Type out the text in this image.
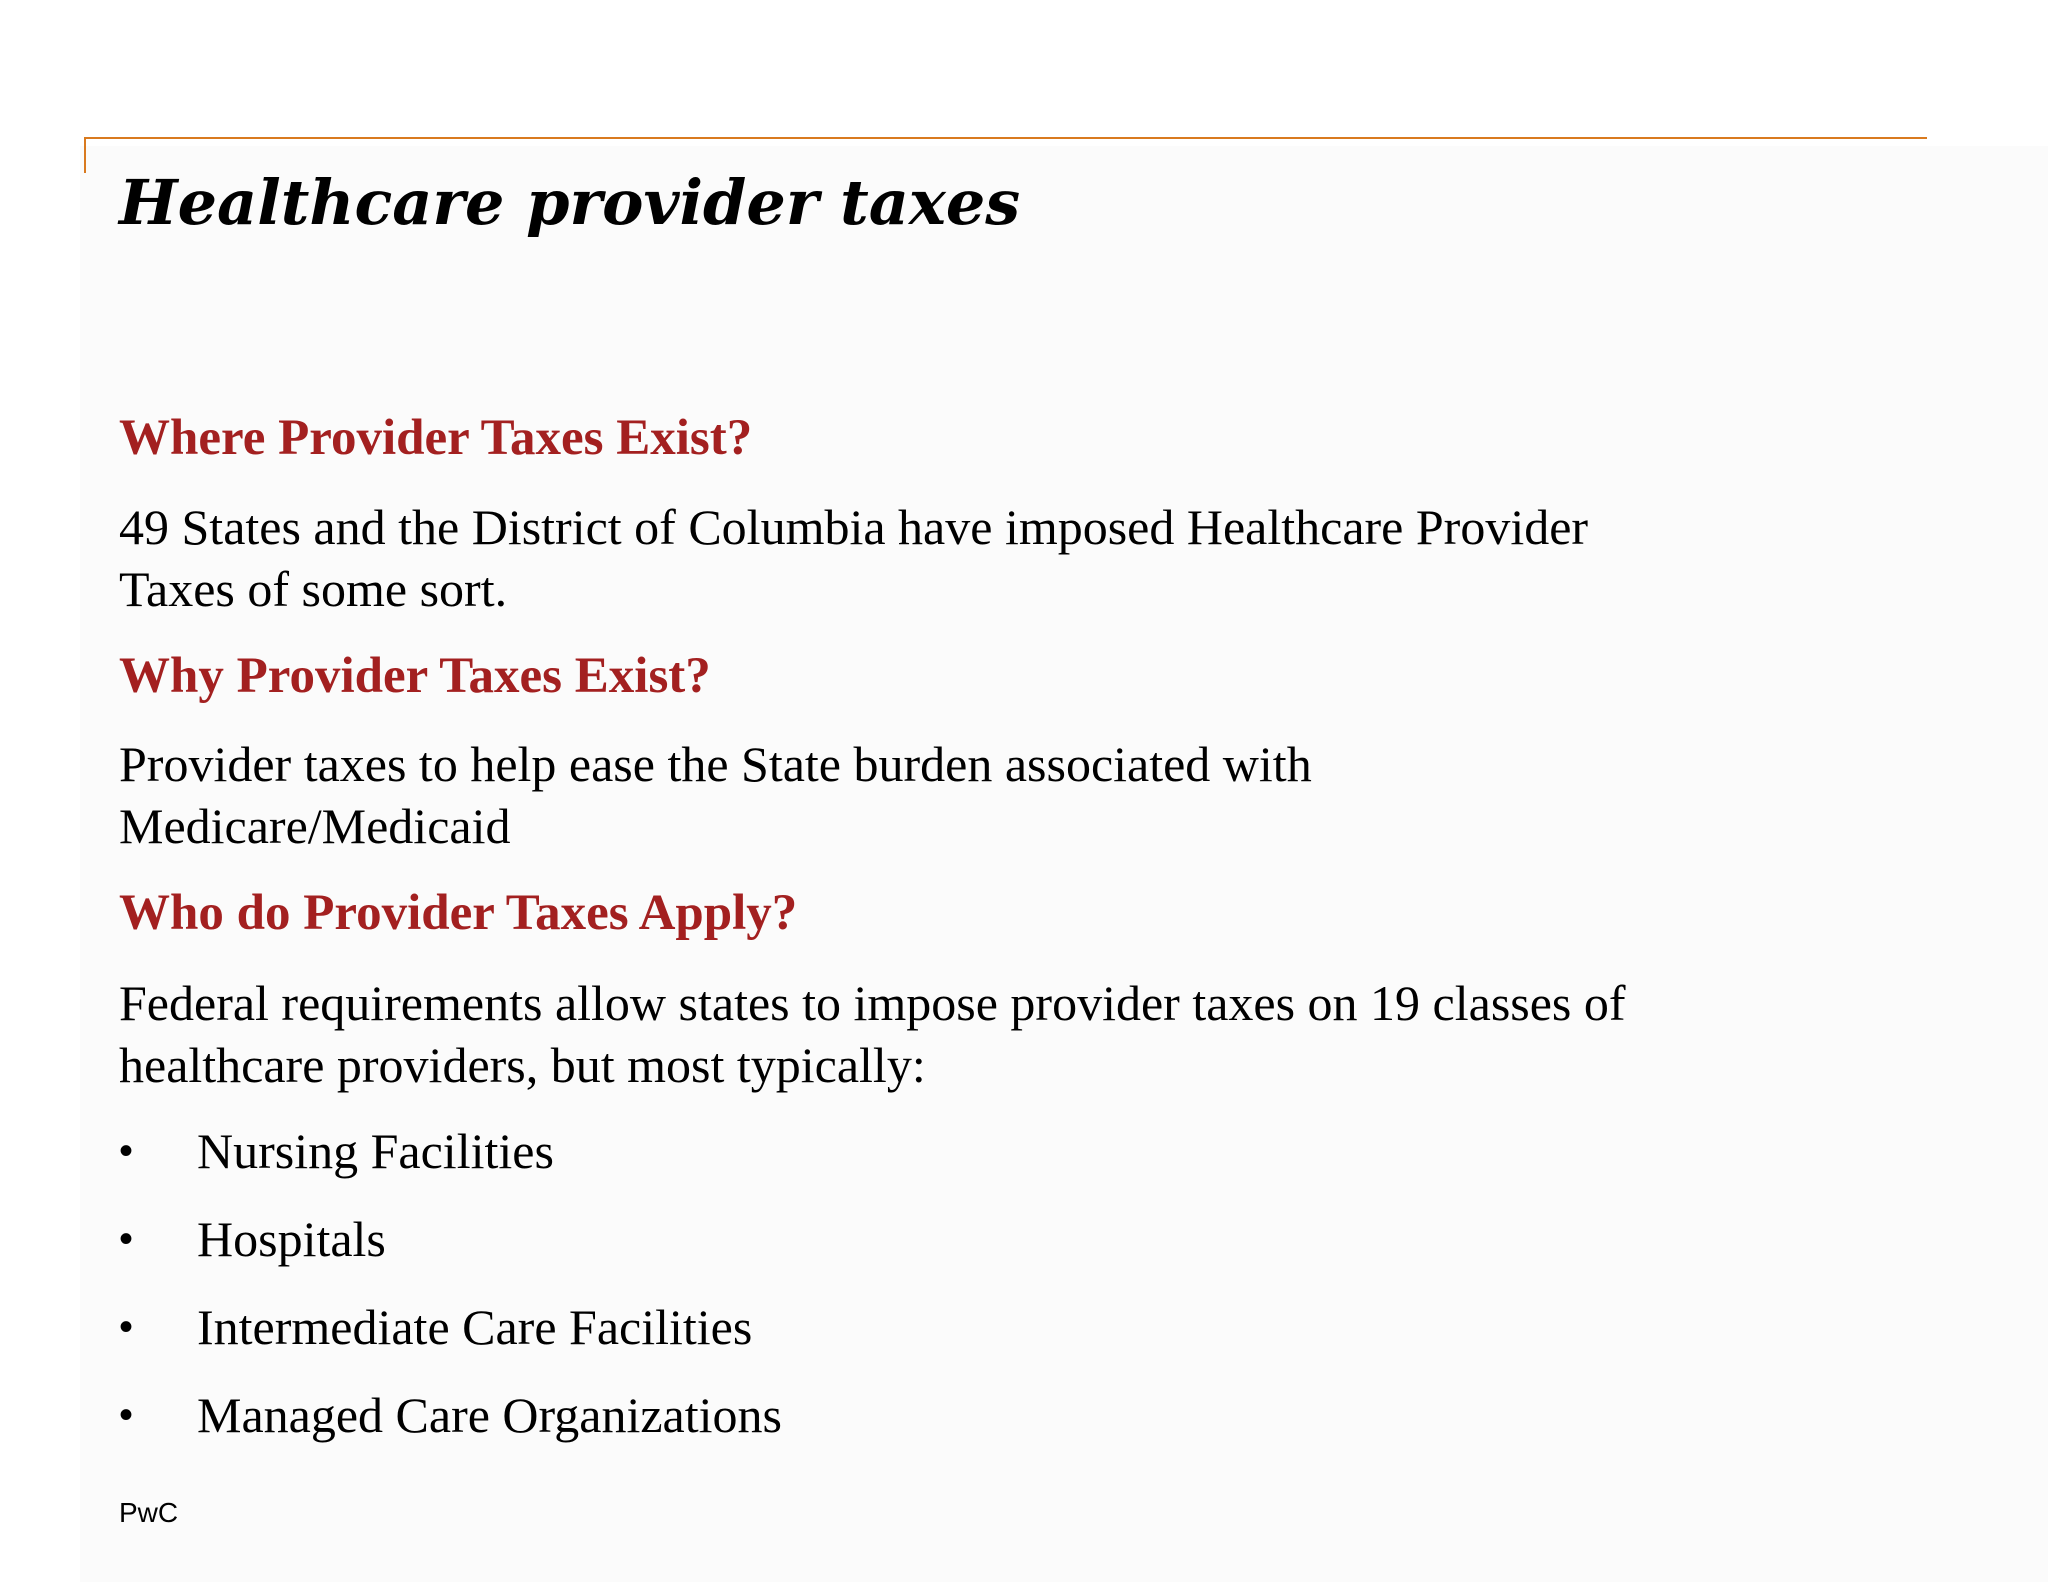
Healthcare provider taxes
Where Provider Taxes Exist?
49 States and the District of Columbia have imposed Healthcare Provider
Taxes of some sort.
Why Provider Taxes Exist?
Provider taxes to help ease the State burden associated with
Medicare/Medicaid
Who do Provider Taxes Apply?
Federal requirements allow states to impose provider taxes on 19 classes of
healthcare providers, but most typically:
• Nursing Facilities
• Hospitals
• Intermediate Care Facilities
• Managed Care Organizations
PwC
